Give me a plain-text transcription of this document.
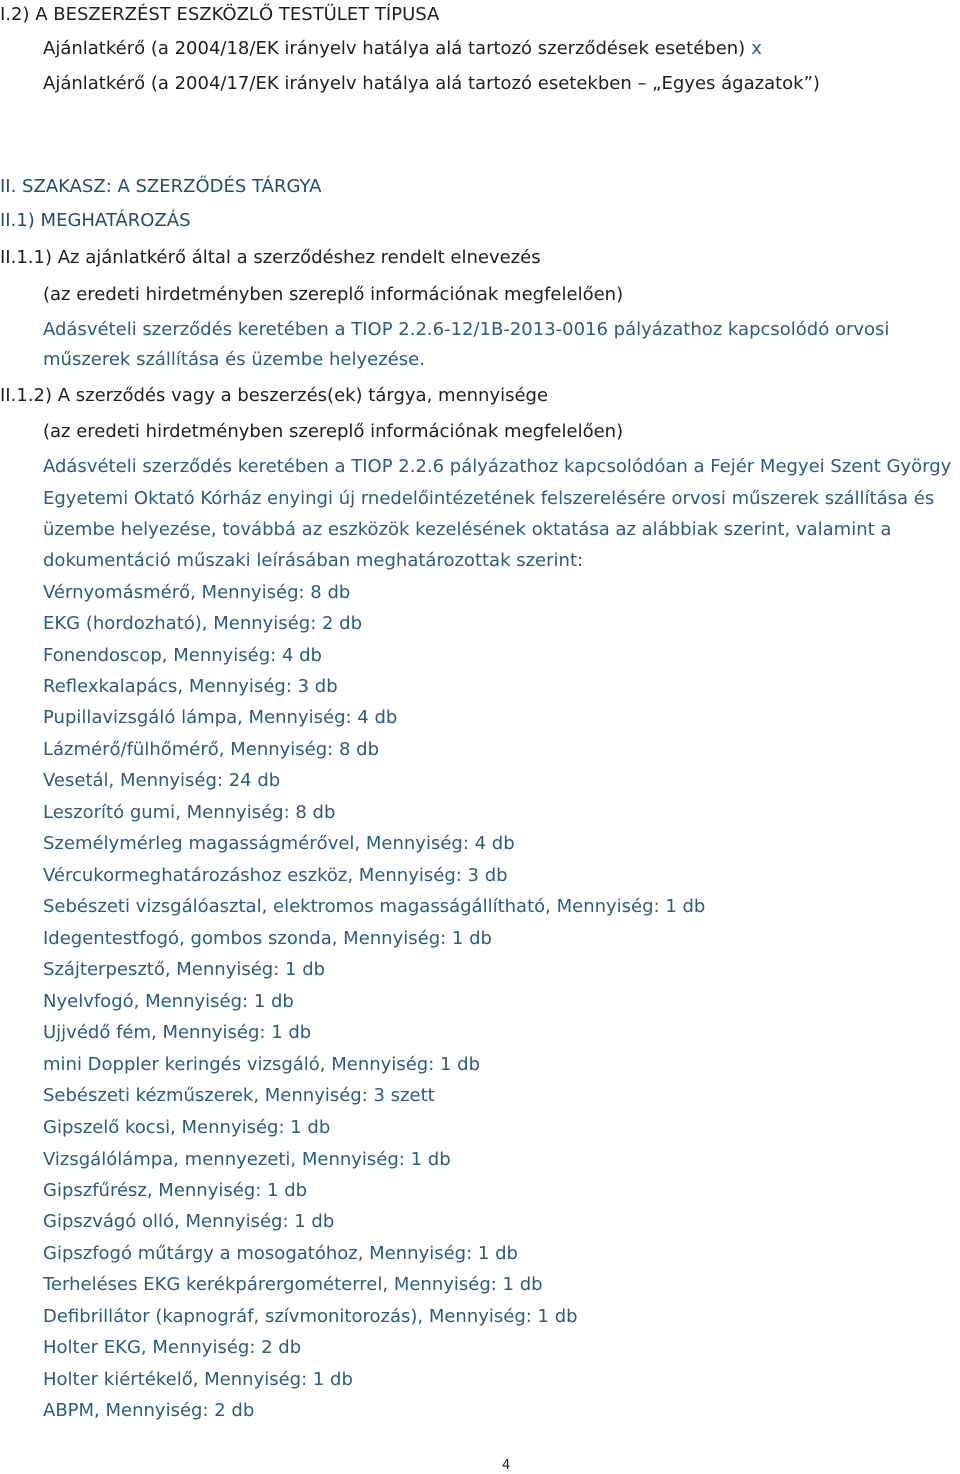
I.2) A BESZERZÉST ESZKÖZLŐ TESTÜLET TÍPUSA
Ajánlatkérő (a 2004/18/EK irányelv hatálya alá tartozó szerződések esetében) x
Ajánlatkérő (a 2004/17/EK irányelv hatálya alá tartozó esetekben – „Egyes ágazatok”)
II. SZAKASZ: A SZERZŐDÉS TÁRGYA
II.1) MEGHATÁROZÁS
II.1.1) Az ajánlatkérő által a szerződéshez rendelt elnevezés
(az eredeti hirdetményben szereplő információnak megfelelően)
Adásvételi szerződés keretében a TIOP 2.2.6-12/1B-2013-0016 pályázathoz kapcsolódó orvosi
műszerek szállítása és üzembe helyezése.
II.1.2) A szerződés vagy a beszerzés(ek) tárgya, mennyisége
(az eredeti hirdetményben szereplő információnak megfelelően)
Adásvételi szerződés keretében a TIOP 2.2.6 pályázathoz kapcsolódóan a Fejér Megyei Szent György
Egyetemi Oktató Kórház enyingi új rnedelőintézetének felszerelésére orvosi műszerek szállítása és
üzembe helyezése, továbbá az eszközök kezelésének oktatása az alábbiak szerint, valamint a
dokumentáció műszaki leírásában meghatározottak szerint:
Vérnyomásmérő, Mennyiség: 8 db
EKG (hordozható), Mennyiség: 2 db
Fonendoscop, Mennyiség: 4 db
Reflexkalapács, Mennyiség: 3 db
Pupillavizsgáló lámpa, Mennyiség: 4 db
Lázmérő/fülhőmérő, Mennyiség: 8 db
Vesetál, Mennyiség: 24 db
Leszorító gumi, Mennyiség: 8 db
Személymérleg magasságmérővel, Mennyiség: 4 db
Vércukormeghatározáshoz eszköz, Mennyiség: 3 db
Sebészeti vizsgálóasztal, elektromos magasságállítható, Mennyiség: 1 db
Idegentestfogó, gombos szonda, Mennyiség: 1 db
Szájterpesztő, Mennyiség: 1 db
Nyelvfogó, Mennyiség: 1 db
Ujjvédő fém, Mennyiség: 1 db
mini Doppler keringés vizsgáló, Mennyiség: 1 db
Sebészeti kézműszerek, Mennyiség: 3 szett
Gipszelő kocsi, Mennyiség: 1 db
Vizsgálólámpa, mennyezeti, Mennyiség: 1 db
Gipszfűrész, Mennyiség: 1 db
Gipszvágó olló, Mennyiség: 1 db
Gipszfogó műtárgy a mosogatóhoz, Mennyiség: 1 db
Terheléses EKG kerékpárergométerrel, Mennyiség: 1 db
Defibrillátor (kapnográf, szívmonitorozás), Mennyiség: 1 db
Holter EKG, Mennyiség: 2 db
Holter kiértékelő, Mennyiség: 1 db
ABPM, Mennyiség: 2 db
4
